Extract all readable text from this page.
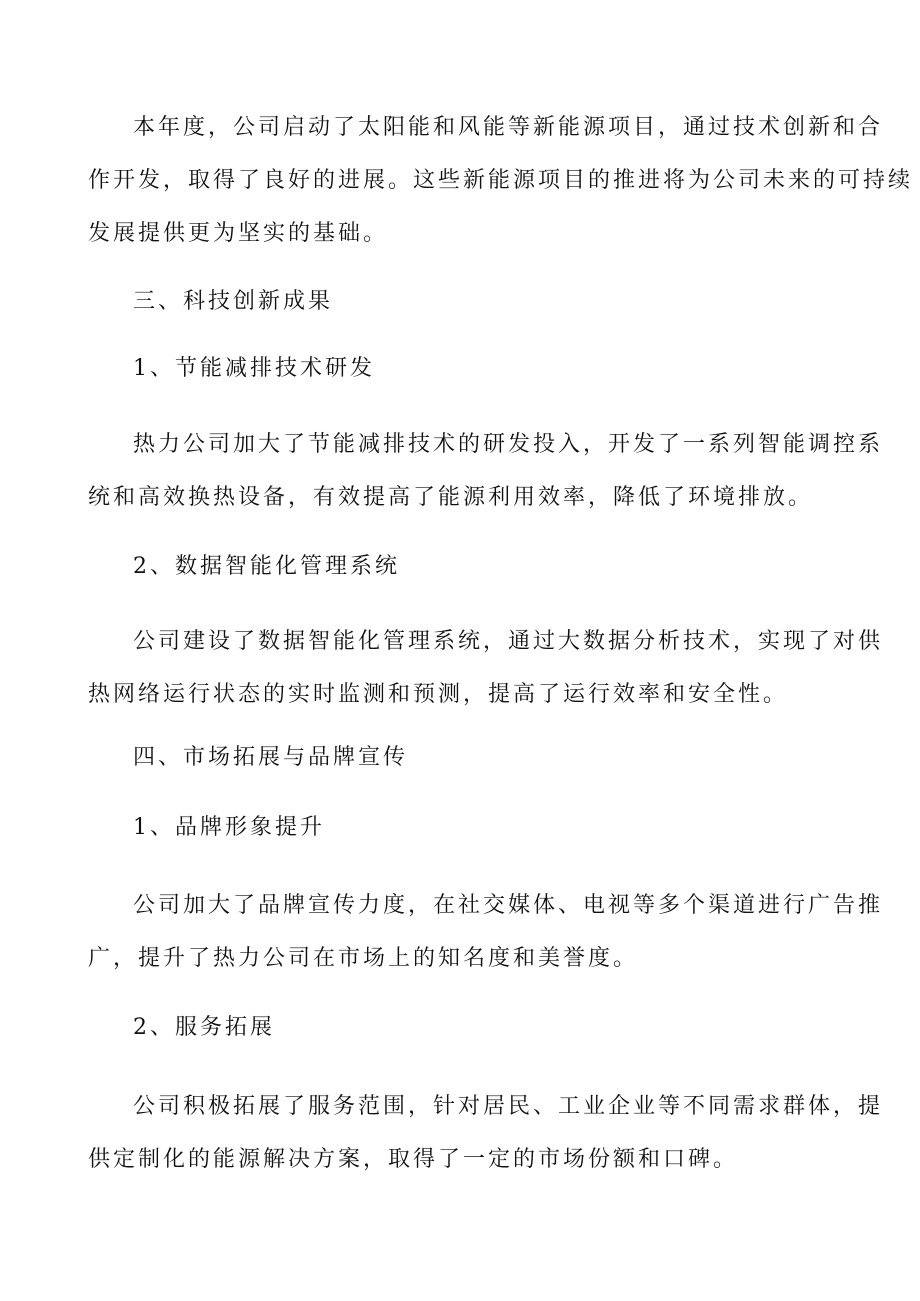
本年度，公司启动了太阳能和风能等新能源项目，通过技术创新和合
作开发，取得了良好的进展。这些新能源项目的推进将为公司未来的可持续
发展提供更为坚实的基础。
三、科技创新成果
1、节能减排技术研发
热力公司加大了节能减排技术的研发投入，开发了一系列智能调控系
统和高效换热设备，有效提高了能源利用效率，降低了环境排放。
2、数据智能化管理系统
公司建设了数据智能化管理系统，通过大数据分析技术，实现了对供
热网络运行状态的实时监测和预测，提高了运行效率和安全性。
四、市场拓展与品牌宣传
1、品牌形象提升
公司加大了品牌宣传力度，在社交媒体、电视等多个渠道进行广告推
广，提升了热力公司在市场上的知名度和美誉度。
2、服务拓展
公司积极拓展了服务范围，针对居民、工业企业等不同需求群体，提
供定制化的能源解决方案，取得了一定的市场份额和口碑。
